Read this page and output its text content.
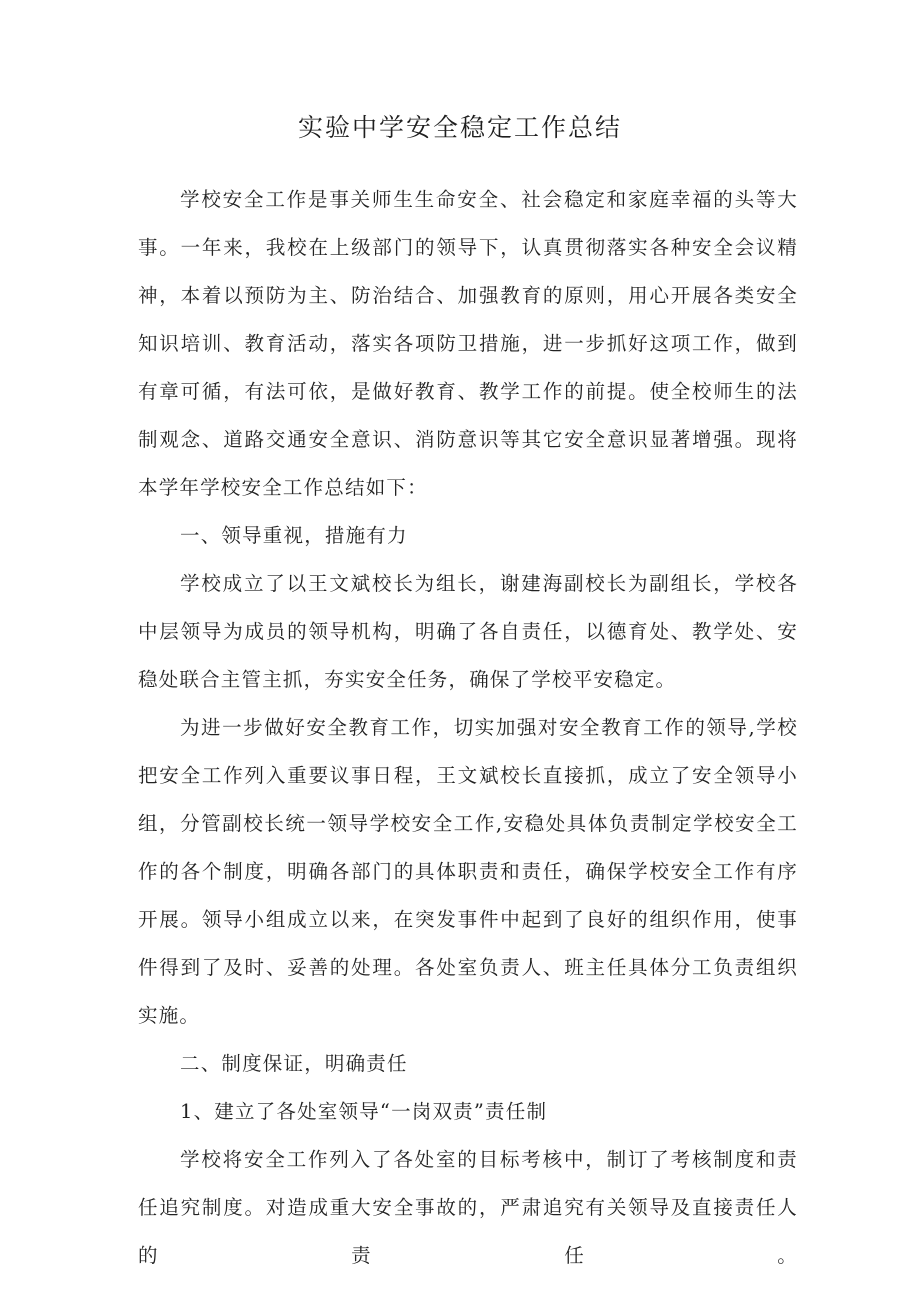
实验中学安全稳定工作总结

学校安全工作是事关师生生命安全、社会稳定和家庭幸福的头等大事。一年来，我校在上级部门的领导下，认真贯彻落实各种安全会议精神，本着以预防为主、防治结合、加强教育的原则，用心开展各类安全知识培训、教育活动，落实各项防卫措施，进一步抓好这项工作，做到有章可循，有法可依，是做好教育、教学工作的前提。使全校师生的法制观念、道路交通安全意识、消防意识等其它安全意识显著增强。现将本学年学校安全工作总结如下：

一、领导重视，措施有力

学校成立了以王文斌校长为组长，谢建海副校长为副组长，学校各中层领导为成员的领导机构，明确了各自责任，以德育处、教学处、安稳处联合主管主抓，夯实安全任务，确保了学校平安稳定。

为进一步做好安全教育工作，切实加强对安全教育工作的领导,学校把安全工作列入重要议事日程，王文斌校长直接抓，成立了安全领导小组，分管副校长统一领导学校安全工作,安稳处具体负责制定学校安全工作的各个制度，明确各部门的具体职责和责任，确保学校安全工作有序开展。领导小组成立以来，在突发事件中起到了良好的组织作用，使事件得到了及时、妥善的处理。各处室负责人、班主任具体分工负责组织实施。

二、制度保证，明确责任

1、建立了各处室领导“一岗双责”责任制

学校将安全工作列入了各处室的目标考核中，制订了考核制度和责任追究制度。对造成重大安全事故的，严肃追究有关领导及直接责任人的责任。
